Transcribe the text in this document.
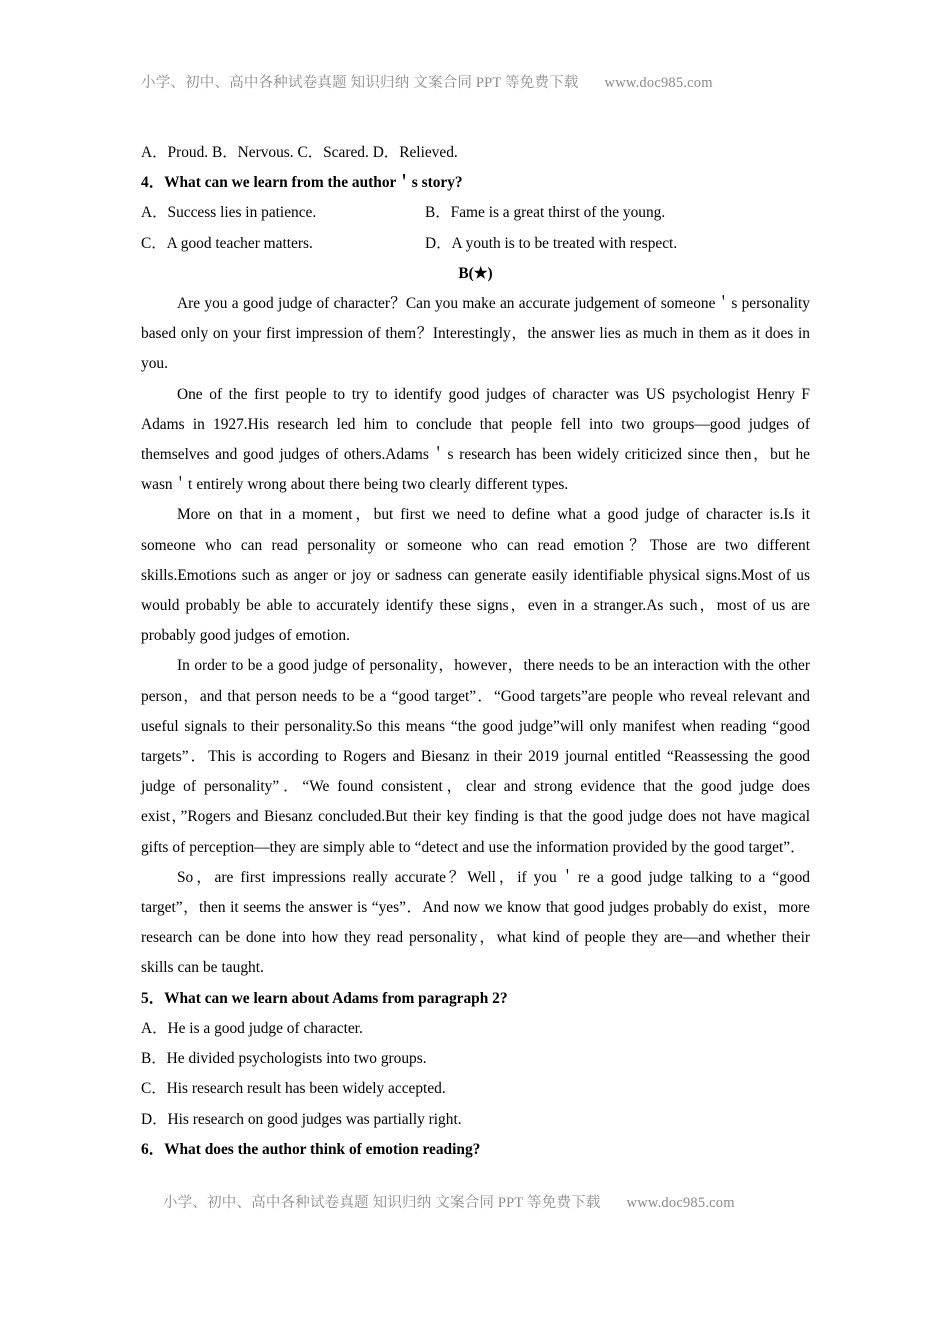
小学、初中、高中各种试卷真题 知识归纳 文案合同 PPT 等免费下载 www.doc985.com

A．Proud. B．Nervous. C．Scared. D．Relieved.

4．What can we learn from the author＇s story?

A．Success lies in patience.	B．Fame is a great thirst of the young.
C．A good teacher matters.	D．A youth is to be treated with respect.

B(★)

Are you a good judge of character？Can you make an accurate judgement of someone＇s personality based only on your first impression of them？Interestingly，the answer lies as much in them as it does in you.

One of the first people to try to identify good judges of character was US psychologist Henry F Adams in 1927.His research led him to conclude that people fell into two groups—good judges of themselves and good judges of others.Adams＇s research has been widely criticized since then，but he wasn＇t entirely wrong about there being two clearly different types.

More on that in a moment，but first we need to define what a good judge of character is.Is it someone who can read personality or someone who can read emotion？Those are two different skills.Emotions such as anger or joy or sadness can generate easily identifiable physical signs.Most of us would probably be able to accurately identify these signs，even in a stranger.As such，most of us are probably good judges of emotion.

In order to be a good judge of personality，however，there needs to be an interaction with the other person，and that person needs to be a “good target”．“Good targets”are people who reveal relevant and useful signals to their personality.So this means “the good judge”will only manifest when reading “good targets”．This is according to Rogers and Biesanz in their 2019 journal entitled “Reassessing the good judge of personality”．“We found consistent，clear and strong evidence that the good judge does exist，”Rogers and Biesanz concluded.But their key finding is that the good judge does not have magical gifts of perception—they are simply able to “detect and use the information provided by the good target”．

So，are first impressions really accurate？Well，if you＇re a good judge talking to a “good target”，then it seems the answer is “yes”．And now we know that good judges probably do exist，more research can be done into how they read personality，what kind of people they are—and whether their skills can be taught.

5．What can we learn about Adams from paragraph 2?

A．He is a good judge of character.

B．He divided psychologists into two groups.

C．His research result has been widely accepted.

D．His research on good judges was partially right.

6．What does the author think of emotion reading?

小学、初中、高中各种试卷真题 知识归纳 文案合同 PPT 等免费下载 www.doc985.com
